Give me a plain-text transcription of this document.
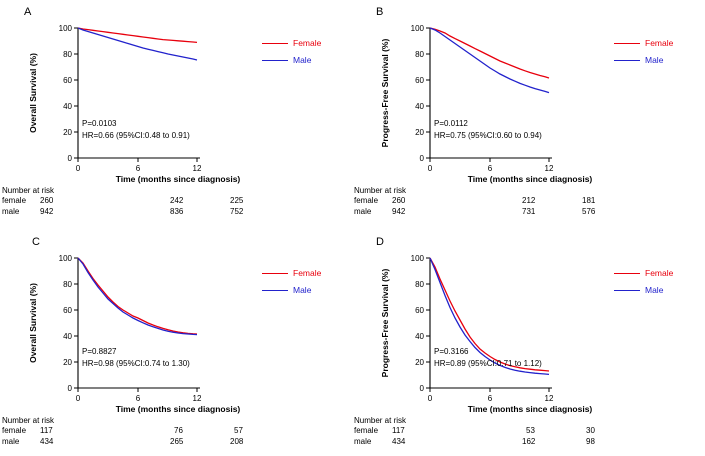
A
0
20
40
60
80
100
0	6	12
Overall Survival (%)	P=0.0103
HR=0.66 (95%CI:0.48 to 0.91)
Time (months since diagnosis)
Female
Male
Number at risk
female 260	242	225
male	942	836	752
B
0
20
40
60
80
100
0	6	12
Progress-Free Survival (%)	P=0.0112
HR=0.75 (95%CI:0.60 to 0.94)
Time (months since diagnosis)
Female
Male
Number at risk
female 260	212	181
male	942	731	576
C
0
20
40
60
80
100
0	6	12
Overall Survival (%)	P=0.8827
HR=0.98 (95%CI:0.74 to 1.30)
Time (months since diagnosis)
Female
Male
Number at risk
female 117	76	57
male	434	265	208
D
0
20
40
60
80
100
0	6	12
Progress-Free Survival (%)	P=0.3166
HR=0.89 (95%CI:0.71 to 1.12)
Time (months since diagnosis)
Female
Male
Number at risk
female 117	53	30
male	434	162	98
